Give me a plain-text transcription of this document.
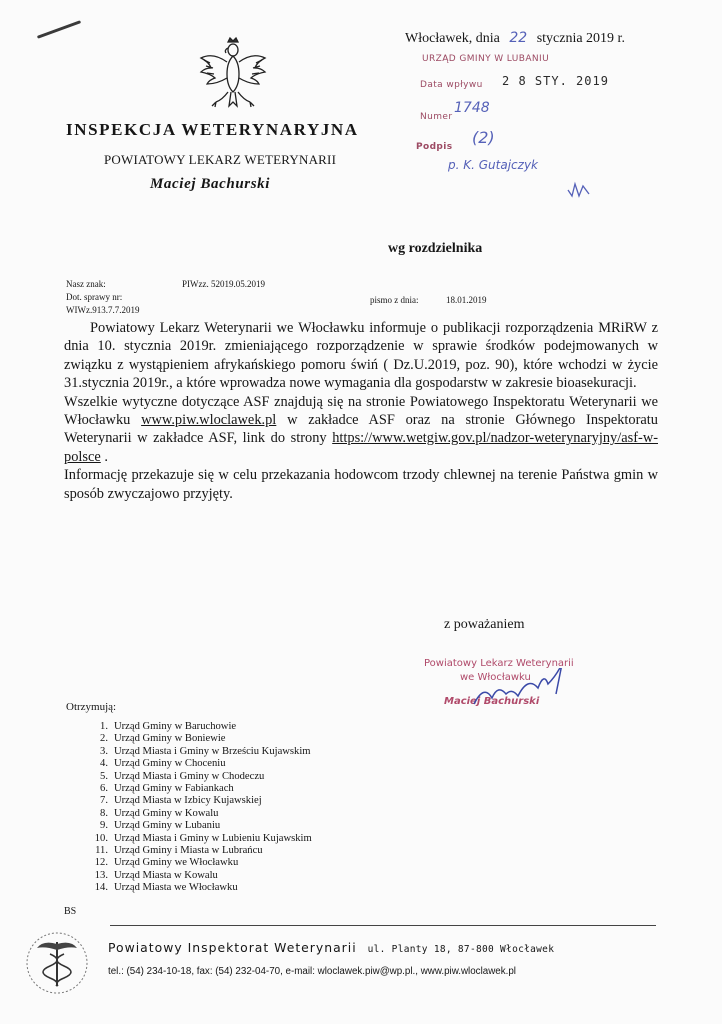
INSPEKCJA WETERYNARYJNA
POWIATOWY LEKARZ WETERYNARII
Maciej Bachurski
Włocławek, dnia 22 stycznia 2019 r.
URZĄD GMINY W LUBANIU
Data wpływu 2 8 STY. 2019
Numer
1748
Podpis (2)
p. K. Gutajczyk
wg rozdzielnika
Nasz znak:	PIWzz. 52019.05.2019
Dot. sprawy nr:
WIWz.913.7.7.2019
pismo z dnia:	18.01.2019

Powiatowy Lekarz Weterynarii we Włocławku informuje o publikacji rozporządzenia MRiRW z dnia 10. stycznia 2019r. zmieniającego rozporządzenie w sprawie środków podejmowanych w związku z wystąpieniem afrykańskiego pomoru świń ( Dz.U.2019, poz. 90), które wchodzi w życie 31.stycznia 2019r., a które wprowadza nowe wymagania dla gospodarstw w zakresie bioasekuracji.

Wszelkie wytyczne dotyczące ASF znajdują się na stronie Powiatowego Inspektoratu Weterynarii we Włocławku www.piw.wloclawek.pl w zakładce ASF oraz na stronie Głównego Inspektoratu Weterynarii w zakładce ASF, link do strony https://www.wetgiw.gov.pl/nadzor-weterynaryjny/asf-w-polsce .

Informację przekazuje się w celu przekazania hodowcom trzody chlewnej na terenie Państwa gmin w sposób zwyczajowo przyjęty.

z poważaniem
Powiatowy Lekarz Weterynarii
we Włocławku
Maciej Bachurski
Otrzymują:
1. Urząd Gminy w Baruchowie
2. Urząd Gminy w Boniewie
3. Urząd Miasta i Gminy w Brześciu Kujawskim
4. Urząd Gminy w Choceniu
5. Urząd Miasta i Gminy w Chodeczu
6. Urząd Gminy w Fabiankach
7. Urząd Miasta w Izbicy Kujawskiej
8. Urząd Gminy w Kowalu
9. Urząd Gminy w Lubaniu
10. Urząd Miasta i Gminy w Lubieniu Kujawskim
11. Urząd Gminy i Miasta w Lubrańcu
12. Urząd Gminy we Włocławku
13. Urząd Miasta w Kowalu
14. Urząd Miasta we Włocławku
BS
Powiatowy Inspektorat Weterynarii ul. Planty 18, 87-800 Włocławek
tel.: (54) 234-10-18, fax: (54) 232-04-70, e-mail: wloclawek.piw@wp.pl., www.piw.wloclawek.pl
